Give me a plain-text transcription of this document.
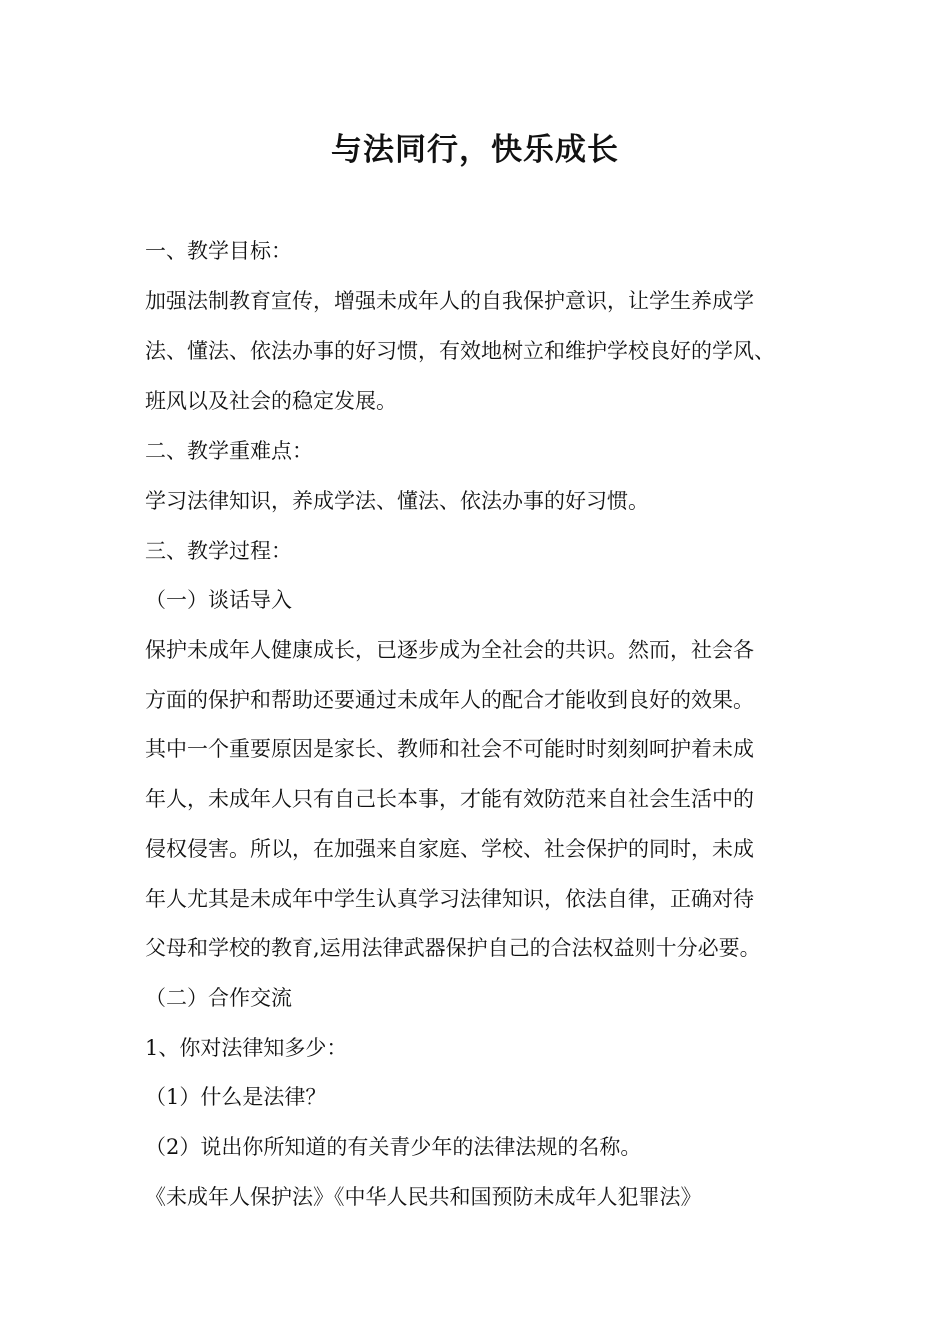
与法同行，快乐成长

一、教学目标：

加强法制教育宣传，增强未成年人的自我保护意识，让学生养成学

法、懂法、依法办事的好习惯，有效地树立和维护学校良好的学风、

班风以及社会的稳定发展。

二、教学重难点：

学习法律知识，养成学法、懂法、依法办事的好习惯。

三、教学过程：

（一）谈话导入

保护未成年人健康成长，已逐步成为全社会的共识。然而，社会各

方面的保护和帮助还要通过未成年人的配合才能收到良好的效果。

其中一个重要原因是家长、教师和社会不可能时时刻刻呵护着未成

年人，未成年人只有自己长本事，才能有效防范来自社会生活中的

侵权侵害。所以，在加强来自家庭、学校、社会保护的同时，未成

年人尤其是未成年中学生认真学习法律知识，依法自律，正确对待

父母和学校的教育,运用法律武器保护自己的合法权益则十分必要。

（二）合作交流

1、你对法律知多少：

（1）什么是法律？

（2）说出你所知道的有关青少年的法律法规的名称。

《未成年人保护法》《中华人民共和国预防未成年人犯罪法》
